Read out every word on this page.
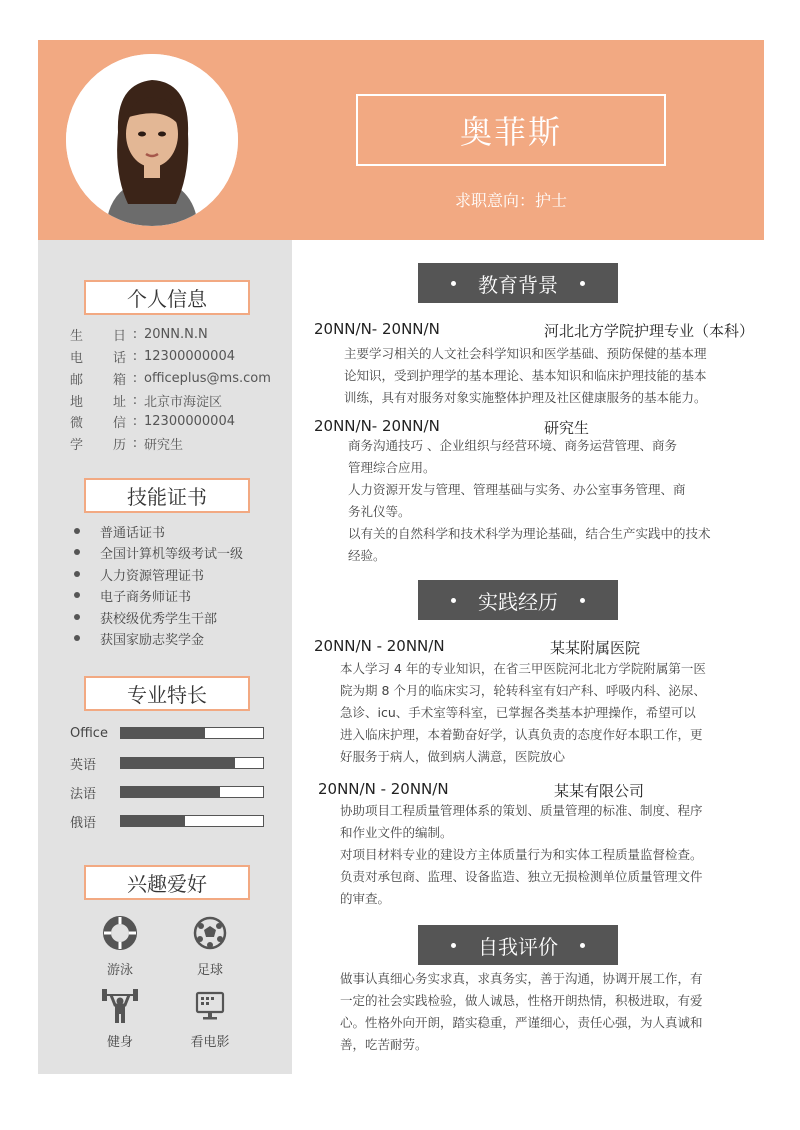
奥菲斯
求职意向：护士
个人信息
生 日 : 20NN.N.N
电 话 : 12300000004
邮 箱 : officeplus@ms.com
地 址 : 北京市海淀区
微 信 : 12300000004
学 历 : 研究生
技能证书
普通话证书
全国计算机等级考试一级
人力资源管理证书
电子商务师证书
获校级优秀学生干部
获国家励志奖学金
专业特长
Office
英语
法语
俄语
兴趣爱好
游泳	足球
健身	看电影
教育背景
20NN/N- 20NN/N	河北北方学院护理专业（本科）
主要学习相关的人文社会科学知识和医学基础、预防保健的基本理
论知识，受到护理学的基本理论、基本知识和临床护理技能的基本
训练，具有对服务对象实施整体护理及社区健康服务的基本能力。
20NN/N- 20NN/N	研究生
商务沟通技巧 、企业组织与经营环境、商务运营管理、商务
管理综合应用。
人力资源开发与管理、管理基础与实务、办公室事务管理、商
务礼仪等。
以有关的自然科学和技术科学为理论基础，结合生产实践中的技术
经验。
实践经历
20NN/N - 20NN/N	某某附属医院
本人学习 4 年的专业知识，在省三甲医院河北北方学院附属第一医
院为期 8 个月的临床实习，轮转科室有妇产科、呼吸内科、泌尿、
急诊、icu、手术室等科室，已掌握各类基本护理操作，希望可以
进入临床护理，本着勤奋好学，认真负责的态度作好本职工作，更
好服务于病人，做到病人满意，医院放心
20NN/N - 20NN/N	某某有限公司
协助项目工程质量管理体系的策划、质量管理的标准、制度、程序
和作业文件的编制。
对项目材料专业的建设方主体质量行为和实体工程质量监督检查。
负责对承包商、监理、设备监造、独立无损检测单位质量管理文件
的审查。
自我评价
做事认真细心务实求真，求真务实，善于沟通，协调开展工作，有
一定的社会实践检验，做人诚恳，性格开朗热情，积极进取，有爱
心。性格外向开朗，踏实稳重，严谨细心，责任心强，为人真诚和
善，吃苦耐劳。
